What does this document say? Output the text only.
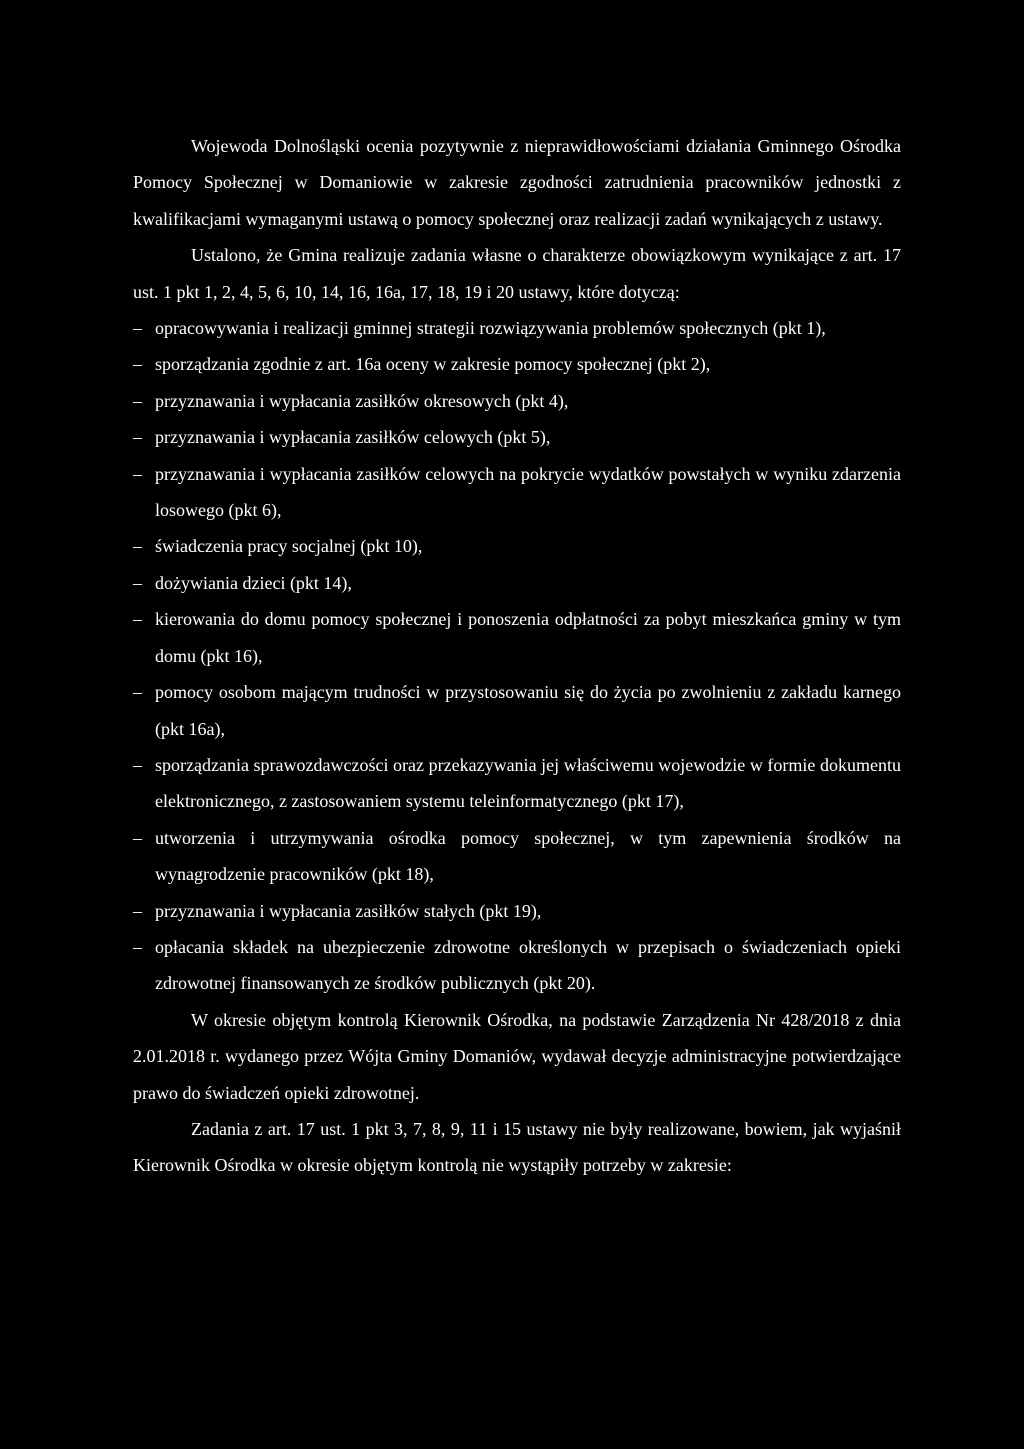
Wojewoda Dolnośląski ocenia pozytywnie z nieprawidłowościami działania Gminnego Ośrodka Pomocy Społecznej w Domaniowie w zakresie zgodności zatrudnienia pracowników jednostki z kwalifikacjami wymaganymi ustawą o pomocy społecznej oraz realizacji zadań wynikających z ustawy.

Ustalono, że Gmina realizuje zadania własne o charakterze obowiązkowym wynikające z art. 17 ust. 1 pkt 1, 2, 4, 5, 6, 10, 14, 16, 16a, 17, 18, 19 i 20 ustawy, które dotyczą:

– opracowywania i realizacji gminnej strategii rozwiązywania problemów społecznych (pkt 1),
– sporządzania zgodnie z art. 16a oceny w zakresie pomocy społecznej (pkt 2),
– przyznawania i wypłacania zasiłków okresowych (pkt 4),
– przyznawania i wypłacania zasiłków celowych (pkt 5),
– przyznawania i wypłacania zasiłków celowych na pokrycie wydatków powstałych w wyniku zdarzenia losowego (pkt 6),
– świadczenia pracy socjalnej (pkt 10),
– dożywiania dzieci (pkt 14),
– kierowania do domu pomocy społecznej i ponoszenia odpłatności za pobyt mieszkańca gminy w tym domu (pkt 16),
– pomocy osobom mającym trudności w przystosowaniu się do życia po zwolnieniu z zakładu karnego (pkt 16a),
– sporządzania sprawozdawczości oraz przekazywania jej właściwemu wojewodzie w formie dokumentu elektronicznego, z zastosowaniem systemu teleinformatycznego (pkt 17),
– utworzenia i utrzymywania ośrodka pomocy społecznej, w tym zapewnienia środków na wynagrodzenie pracowników (pkt 18),
– przyznawania i wypłacania zasiłków stałych (pkt 19),
– opłacania składek na ubezpieczenie zdrowotne określonych w przepisach o świadczeniach opieki zdrowotnej finansowanych ze środków publicznych (pkt 20).

W okresie objętym kontrolą Kierownik Ośrodka, na podstawie Zarządzenia Nr 428/2018 z dnia 2.01.2018 r. wydanego przez Wójta Gminy Domaniów, wydawał decyzje administracyjne potwierdzające prawo do świadczeń opieki zdrowotnej.

Zadania z art. 17 ust. 1 pkt 3, 7, 8, 9, 11 i 15 ustawy nie były realizowane, bowiem, jak wyjaśnił Kierownik Ośrodka w okresie objętym kontrolą nie wystąpiły potrzeby w zakresie:
